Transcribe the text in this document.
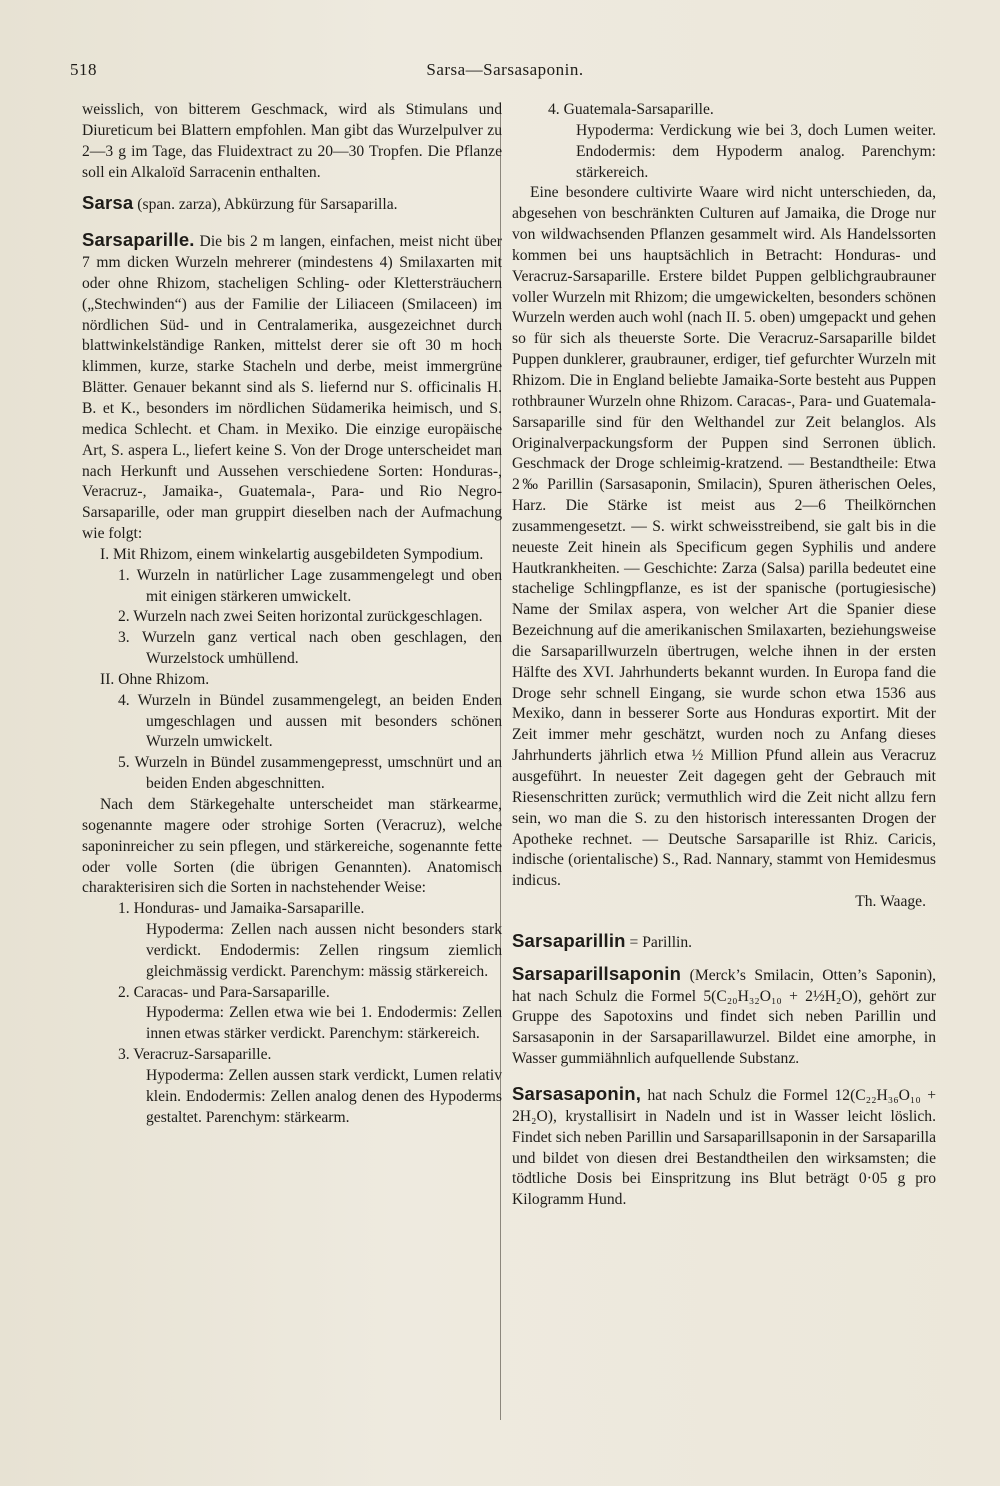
518	Sarsa—Sarsasaponin.

weisslich, von bitterem Geschmack, wird als Stimulans und Diureticum bei Blattern empfohlen. Man gibt das Wurzelpulver zu 2—3 g im Tage, das Fluidextract zu 20—30 Tropfen. Die Pflanze soll ein Alkaloïd Sarracenin enthalten.

Sarsa (span. zarza), Abkürzung für Sarsaparilla.

Sarsaparille. Die bis 2 m langen, einfachen, meist nicht über 7 mm dicken Wurzeln mehrerer (mindestens 4) Smilaxarten mit oder ohne Rhizom, stacheligen Schling- oder Klettersträuchern („Stechwinden“) aus der Familie der Liliaceen (Smilaceen) im nördlichen Süd- und in Centralamerika, ausgezeichnet durch blattwinkelständige Ranken, mittelst derer sie oft 30 m hoch klimmen, kurze, starke Stacheln und derbe, meist immergrüne Blätter. Genauer bekannt sind als S. liefernd nur S. officinalis H. B. et K., besonders im nördlichen Südamerika heimisch, und S. medica Schlecht. et Cham. in Mexiko. Die einzige europäische Art, S. aspera L., liefert keine S. Von der Droge unterscheidet man nach Herkunft und Aussehen verschiedene Sorten: Honduras-, Veracruz-, Jamaika-, Guatemala-, Para- und Rio Negro-Sarsaparille, oder man gruppirt dieselben nach der Aufmachung wie folgt:

I. Mit Rhizom, einem winkelartig ausgebildeten Sympodium.

1. Wurzeln in natürlicher Lage zusammengelegt und oben mit einigen stärkeren umwickelt.

2. Wurzeln nach zwei Seiten horizontal zurückgeschlagen.

3. Wurzeln ganz vertical nach oben geschlagen, den Wurzelstock umhüllend.

II. Ohne Rhizom.

4. Wurzeln in Bündel zusammengelegt, an beiden Enden umgeschlagen und aussen mit besonders schönen Wurzeln umwickelt.

5. Wurzeln in Bündel zusammengepresst, umschnürt und an beiden Enden abgeschnitten.

Nach dem Stärkegehalte unterscheidet man stärkearme, sogenannte magere oder strohige Sorten (Veracruz), welche saponinreicher zu sein pflegen, und stärkereiche, sogenannte fette oder volle Sorten (die übrigen Genannten). Anatomisch charakterisiren sich die Sorten in nachstehender Weise:

1. Honduras- und Jamaika-Sarsaparille.

Hypoderma: Zellen nach aussen nicht besonders stark verdickt. Endodermis: Zellen ringsum ziemlich gleichmässig verdickt. Parenchym: mässig stärkereich.

2. Caracas- und Para-Sarsaparille.

Hypoderma: Zellen etwa wie bei 1. Endodermis: Zellen innen etwas stärker verdickt. Parenchym: stärkereich.

3. Veracruz-Sarsaparille.

Hypoderma: Zellen aussen stark verdickt, Lumen relativ klein. Endodermis: Zellen analog denen des Hypoderms gestaltet. Parenchym: stärkearm.

4. Guatemala-Sarsaparille.

Hypoderma: Verdickung wie bei 3, doch Lumen weiter. Endodermis: dem Hypoderm analog. Parenchym: stärkereich.

Eine besondere cultivirte Waare wird nicht unterschieden, da, abgesehen von beschränkten Culturen auf Jamaika, die Droge nur von wildwachsenden Pflanzen gesammelt wird. Als Handelssorten kommen bei uns hauptsächlich in Betracht: Honduras- und Veracruz-Sarsaparille. Erstere bildet Puppen gelblichgraubrauner voller Wurzeln mit Rhizom; die umgewickelten, besonders schönen Wurzeln werden auch wohl (nach II. 5. oben) umgepackt und gehen so für sich als theuerste Sorte. Die Veracruz-Sarsaparille bildet Puppen dunklerer, graubrauner, erdiger, tief gefurchter Wurzeln mit Rhizom. Die in England beliebte Jamaika-Sorte besteht aus Puppen rothbrauner Wurzeln ohne Rhizom. Caracas-, Para- und Guatemala-Sarsaparille sind für den Welthandel zur Zeit belanglos. Als Originalverpackungsform der Puppen sind Serronen üblich. Geschmack der Droge schleimig-kratzend. — Bestandtheile: Etwa 2‰ Parillin (Sarsasaponin, Smilacin), Spuren ätherischen Oeles, Harz. Die Stärke ist meist aus 2—6 Theilkörnchen zusammengesetzt. — S. wirkt schweisstreibend, sie galt bis in die neueste Zeit hinein als Specificum gegen Syphilis und andere Hautkrankheiten. — Geschichte: Zarza (Salsa) parilla bedeutet eine stachelige Schlingpflanze, es ist der spanische (portugiesische) Name der Smilax aspera, von welcher Art die Spanier diese Bezeichnung auf die amerikanischen Smilaxarten, beziehungsweise die Sarsaparillwurzeln übertrugen, welche ihnen in der ersten Hälfte des XVI. Jahrhunderts bekannt wurden. In Europa fand die Droge sehr schnell Eingang, sie wurde schon etwa 1536 aus Mexiko, dann in besserer Sorte aus Honduras exportirt. Mit der Zeit immer mehr geschätzt, wurden noch zu Anfang dieses Jahrhunderts jährlich etwa ½ Million Pfund allein aus Veracruz ausgeführt. In neuester Zeit dagegen geht der Gebrauch mit Riesenschritten zurück; vermuthlich wird die Zeit nicht allzu fern sein, wo man die S. zu den historisch interessanten Drogen der Apotheke rechnet. — Deutsche Sarsaparille ist Rhiz. Caricis, indische (orientalische) S., Rad. Nannary, stammt von Hemidesmus indicus.

Th. Waage.

Sarsaparillin = Parillin.

Sarsaparillsaponin (Merck’s Smilacin, Otten’s Saponin), hat nach Schulz die Formel 5(C₂₀H₃₂O₁₀ + 2½H₂O), gehört zur Gruppe des Sapotoxins und findet sich neben Parillin und Sarsasaponin in der Sarsaparillawurzel. Bildet eine amorphe, in Wasser gummiähnlich aufquellende Substanz.

Sarsasaponin, hat nach Schulz die Formel 12(C₂₂H₃₆O₁₀ + 2H₂O), krystallisirt in Nadeln und ist in Wasser leicht löslich. Findet sich neben Parillin und Sarsaparillsaponin in der Sarsaparilla und bildet von diesen drei Bestandtheilen den wirksamsten; die tödtliche Dosis bei Einspritzung ins Blut beträgt 0·05 g pro Kilogramm Hund.
